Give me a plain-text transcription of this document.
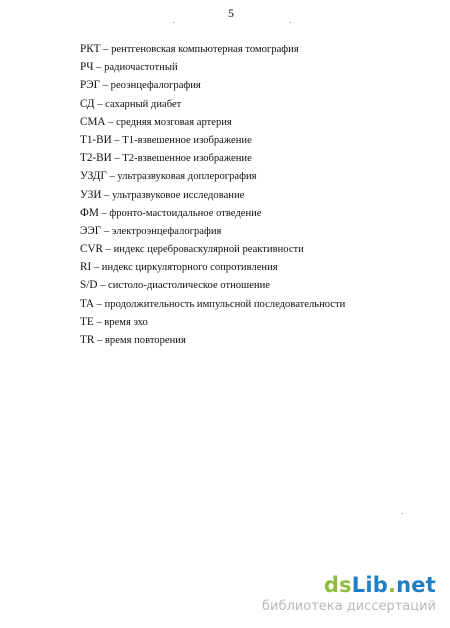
5
РКТ – рентгеновская компьютерная томография
РЧ – радиочастотный
РЭГ – реоэнцефалография
СД – сахарный диабет
СМА – средняя мозговая артерия
Т1-ВИ – Т1-взвешенное изображение
Т2-ВИ – Т2-взвешенное изображение
УЗДГ – ультразвуковая доплерография
УЗИ – ультразвуковое исследование
ФМ – фронто-мастоидальное отведение
ЭЭГ – электроэнцефалография
CVR – индекс цереброваскулярной реактивности
RI – индекс циркуляторного сопротивления
S/D – систоло-диастолическое отношение
TA – продолжительность импульсной последовательности
TE – время эхо
TR – время повторения
dsLib.net
библиотека диссертаций
